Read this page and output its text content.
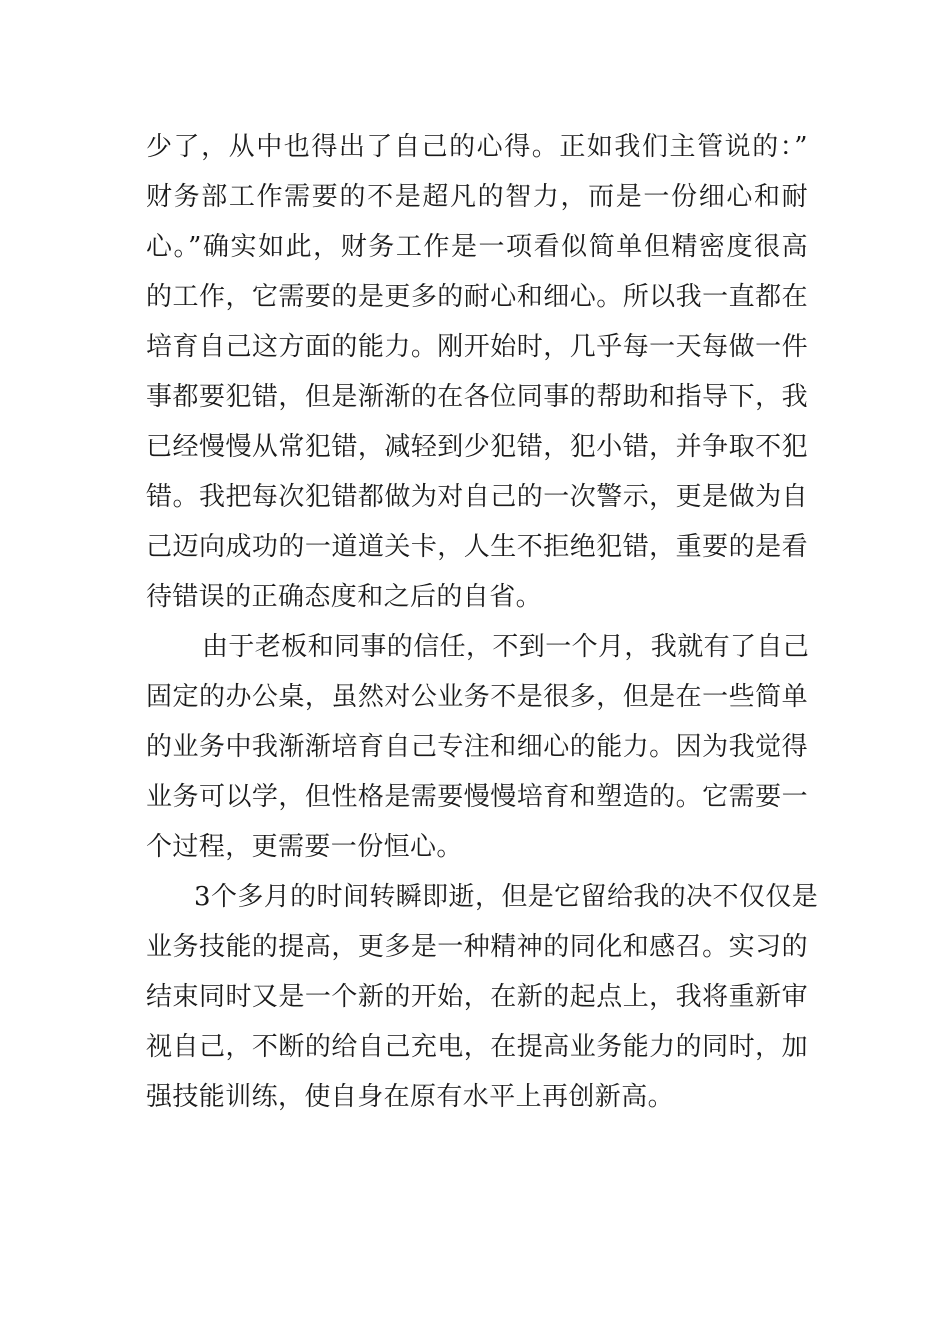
少了，从中也得出了自己的心得。正如我们主管说的：”
财务部工作需要的不是超凡的智力，而是一份细心和耐
心。”确实如此，财务工作是一项看似简单但精密度很高
的工作，它需要的是更多的耐心和细心。所以我一直都在
培育自己这方面的能力。刚开始时，几乎每一天每做一件
事都要犯错，但是渐渐的在各位同事的帮助和指导下，我
已经慢慢从常犯错，减轻到少犯错，犯小错，并争取不犯
错。我把每次犯错都做为对自己的一次警示，更是做为自
己迈向成功的一道道关卡，人生不拒绝犯错，重要的是看
待错误的正确态度和之后的自省。
由于老板和同事的信任，不到一个月，我就有了自己
固定的办公桌，虽然对公业务不是很多，但是在一些简单
的业务中我渐渐培育自己专注和细心的能力。因为我觉得
业务可以学，但性格是需要慢慢培育和塑造的。它需要一
个过程，更需要一份恒心。
3个多月的时间转瞬即逝，但是它留给我的决不仅仅是
业务技能的提高，更多是一种精神的同化和感召。实习的
结束同时又是一个新的开始，在新的起点上，我将重新审
视自己，不断的给自己充电，在提高业务能力的同时，加
强技能训练，使自身在原有水平上再创新高。
